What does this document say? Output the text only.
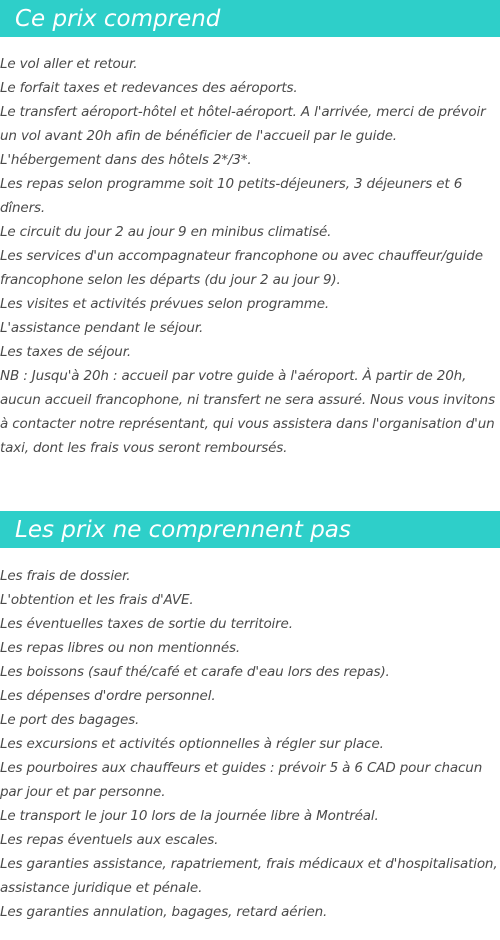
Ce prix comprend
Le vol aller et retour.
Le forfait taxes et redevances des aéroports.
Le transfert aéroport-hôtel et hôtel-aéroport. A l'arrivée, merci de prévoir un vol avant 20h afin de bénéficier de l'accueil par le guide.
L'hébergement dans des hôtels 2*/3*.
Les repas selon programme soit 10 petits-déjeuners, 3 déjeuners et 6 dîners.
Le circuit du jour 2 au jour 9 en minibus climatisé.
Les services d'un accompagnateur francophone ou avec chauffeur/guide francophone selon les départs (du jour 2 au jour 9).
Les visites et activités prévues selon programme.
L'assistance pendant le séjour.
Les taxes de séjour.

NB : Jusqu'à 20h : accueil par votre guide à l'aéroport. À partir de 20h, aucun accueil francophone, ni transfert ne sera assuré. Nous vous invitons à contacter notre représentant, qui vous assistera dans l'organisation d'un taxi, dont les frais vous seront remboursés.

Les prix ne comprennent pas
Les frais de dossier.
L'obtention et les frais d'AVE.
Les éventuelles taxes de sortie du territoire.
Les repas libres ou non mentionnés.
Les boissons (sauf thé/café et carafe d'eau lors des repas).
Les dépenses d'ordre personnel.
Le port des bagages.
Les excursions et activités optionnelles à régler sur place.
Les pourboires aux chauffeurs et guides : prévoir 5 à 6 CAD pour chacun par jour et par personne.
Le transport le jour 10 lors de la journée libre à Montréal.
Les repas éventuels aux escales.
Les garanties assistance, rapatriement, frais médicaux et d'hospitalisation, assistance juridique et pénale.
Les garanties annulation, bagages, retard aérien.
